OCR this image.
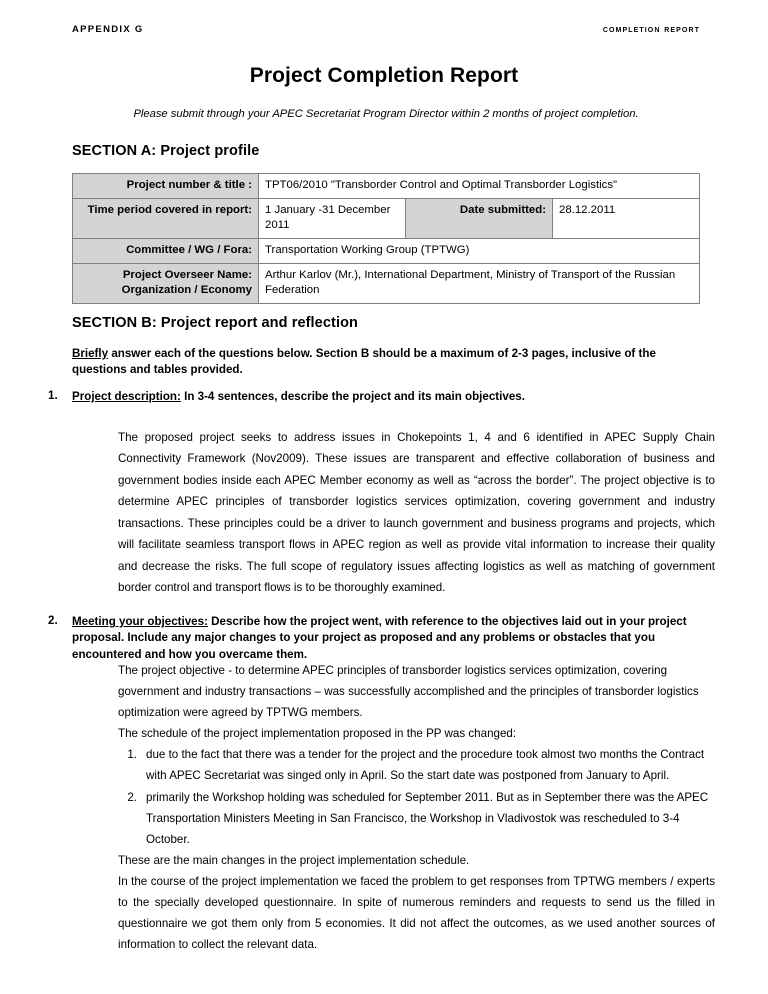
APPENDIX G	completion report
Project Completion Report
Please submit through your APEC Secretariat Program Director within 2 months of project completion.
SECTION A: Project profile
Project number & title :	TPT06/2010 "Transborder Control and Optimal Transborder Logistics"		
Time period covered in report:	1 January -31 December 2011	Date submitted:	28.12.2011
Committee / WG / Fora:	Transportation Working Group (TPTWG)		
Project Overseer Name: Organization / Economy	Arthur Karlov (Mr.), International Department, Ministry of Transport of the Russian Federation		
SECTION B: Project report and reflection
Briefly answer each of the questions below. Section B should be a maximum of 2-3 pages, inclusive of the questions and tables provided.
1.	Project description: In 3-4 sentences, describe the project and its main objectives.

The proposed project seeks to address issues in Chokepoints 1, 4 and 6 identified in APEC Supply Chain Connectivity Framework (Nov2009). These issues are transparent and effective collaboration of business and government bodies inside each APEC Member economy as well as “across the border”. The project objective is to determine APEC principles of transborder logistics services optimization, covering government and industry transactions. These principles could be a driver to launch government and business programs and projects, which will facilitate seamless transport flows in APEC region as well as provide vital information to increase their quality and decrease the risks. The full scope of regulatory issues affecting logistics as well as matching of government border control and transport flows is to be thoroughly examined.

2.	Meeting your objectives: Describe how the project went, with reference to the objectives laid out in your project proposal. Include any major changes to your project as proposed and any problems or obstacles that you encountered and how you overcame them.

The project objective - to determine APEC principles of transborder logistics services optimization, covering government and industry transactions – was successfully accomplished and the principles of transborder logistics optimization were agreed by TPTWG members.

The schedule of the project implementation proposed in the PP was changed:

1. due to the fact that there was a tender for the project and the procedure took almost two months the Contract with APEC Secretariat was singed only in April. So the start date was postponed from January to April.
2. primarily the Workshop holding was scheduled for September 2011. But as in September there was the APEC Transportation Ministers Meeting in San Francisco, the Workshop in Vladivostok was rescheduled to 3-4 October.

These are the main changes in the project implementation schedule.

In the course of the project implementation we faced the problem to get responses from TPTWG members / experts to the specially developed questionnaire. In spite of numerous reminders and requests to send us the filled in questionnaire we got them only from 5 economies. It did not affect the outcomes, as we used another sources of information to collect the relevant data.
